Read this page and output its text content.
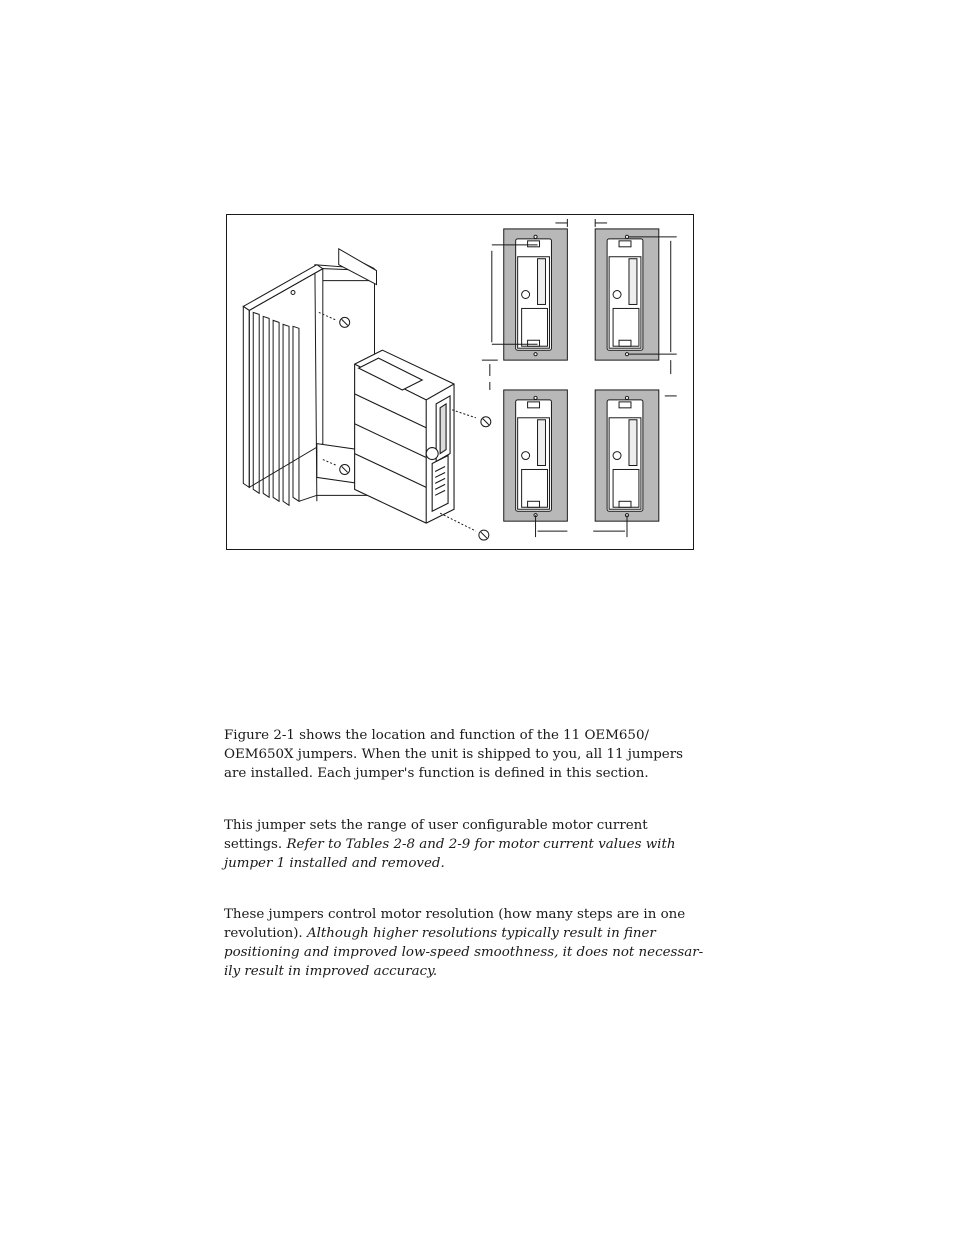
Figure 2-1 shows the location and function of the 11 OEM650/
OEM650X jumpers. When the unit is shipped to you, all 11 jumpers
are installed. Each jumper's function is defined in this section.

This jumper sets the range of user configurable motor current settings. Refer to Tables 2-8 and 2-9 for motor current values with jumper 1 installed and removed.

These jumpers control motor resolution (how many steps are in one revolution). Although higher resolutions typically result in finer positioning and improved low-speed smoothness, it does not necessar-ily result in improved accuracy.
